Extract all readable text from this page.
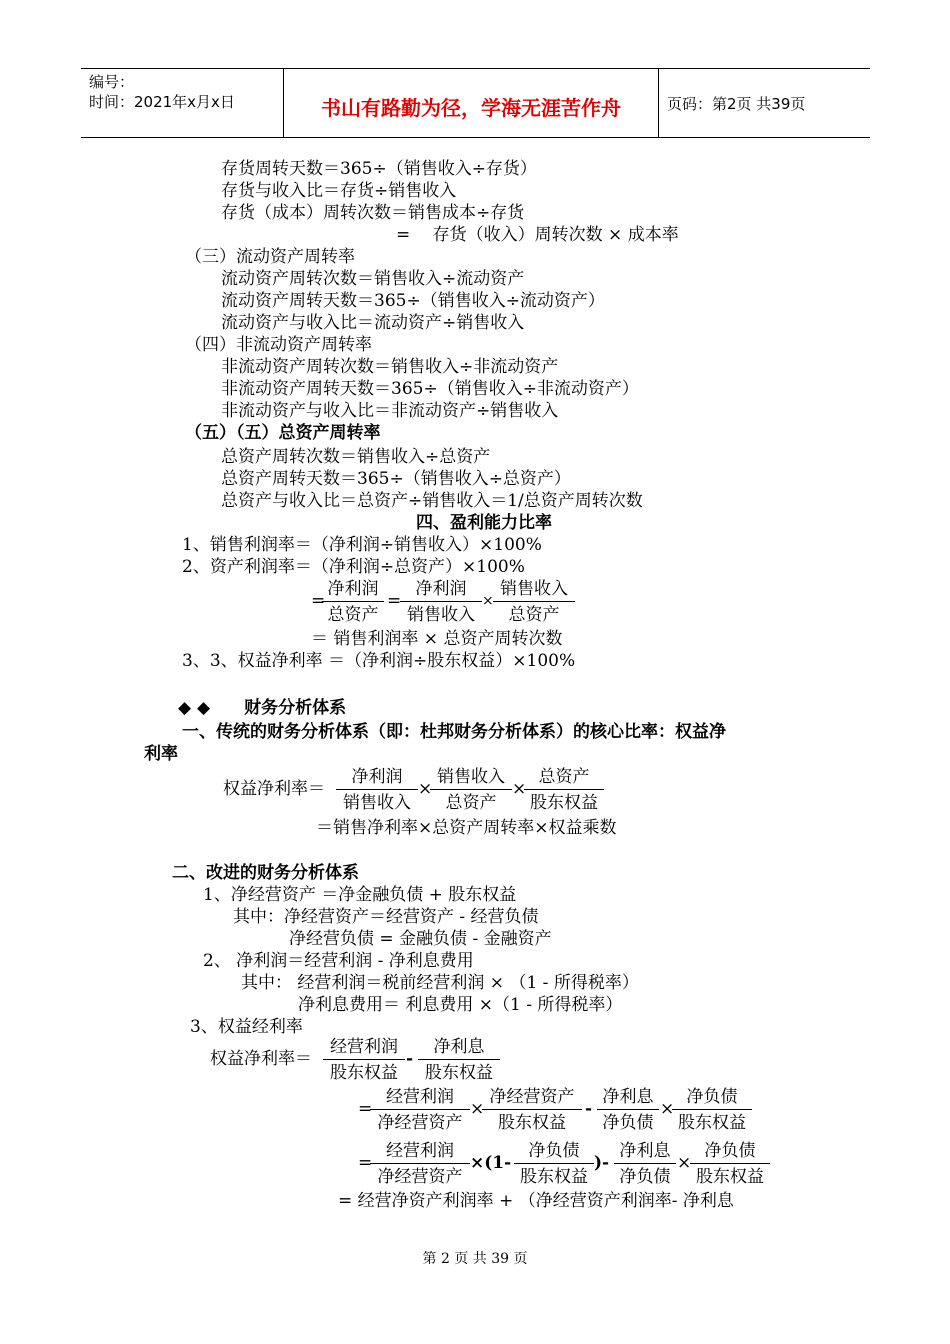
编号：
时间：2021年x月x日	书山有路勤为径，学海无涯苦作舟	页码：第2页 共39页
存货周转天数＝365÷（销售收入÷存货）
存货与收入比＝存货÷销售收入
存货（成本）周转次数＝销售成本÷存货
=　 存货（收入）周转次数 × 成本率
（三）流动资产周转率
流动资产周转次数＝销售收入÷流动资产
流动资产周转天数＝365÷（销售收入÷流动资产）
流动资产与收入比＝流动资产÷销售收入
（四）非流动资产周转率
非流动资产周转次数＝销售收入÷非流动资产
非流动资产周转天数＝365÷（销售收入÷非流动资产）
非流动资产与收入比＝非流动资产÷销售收入
（五）（五）总资产周转率
总资产周转次数＝销售收入÷总资产
总资产周转天数＝365÷（销售收入÷总资产）
总资产与收入比＝总资产÷销售收入＝1/总资产周转次数
四、盈利能力比率
1、销售利润率＝（净利润÷销售收入）×100%
2、资产利润率＝（净利润÷总资产）×100%
=
净利润
总资产
=
净利润
销售收入
×
销售收入
总资产
＝ 销售利润率 × 总资产周转次数
3、3、权益净利率 ＝（净利润÷股东权益）×100%
◆ ◆　　财务分析体系
一、传统的财务分析体系（即：杜邦财务分析体系）的核心比率：权益净
利率
权益净利率＝
净利润
销售收入
×
销售收入
总资产
×
总资产
股东权益
＝销售净利率×总资产周转率×权益乘数
二、改进的财务分析体系
1、净经营资产 ＝净金融负债 + 股东权益
其中：净经营资产＝经营资产 - 经营负债
净经营负债 = 金融负债 - 金融资产
2、 净利润＝经营利润 - 净利息费用
其中： 经营利润＝税前经营利润 × （1 - 所得税率）
净利息费用＝ 利息费用 ×（1 - 所得税率）
3、权益经利率
权益净利率＝
经营利润
股东权益
-
净利息
股东权益
=
经营利润
净经营资产
×
净经营资产
股东权益
-
净利息
净负债
×
净负债
股东权益
=
经营利润
净经营资产
×(1-
净负债
股东权益
)-
净利息
净负债
×
净负债
股东权益
= 经营净资产利润率 + （净经营资产利润率- 净利息
第 2 页 共 39 页
